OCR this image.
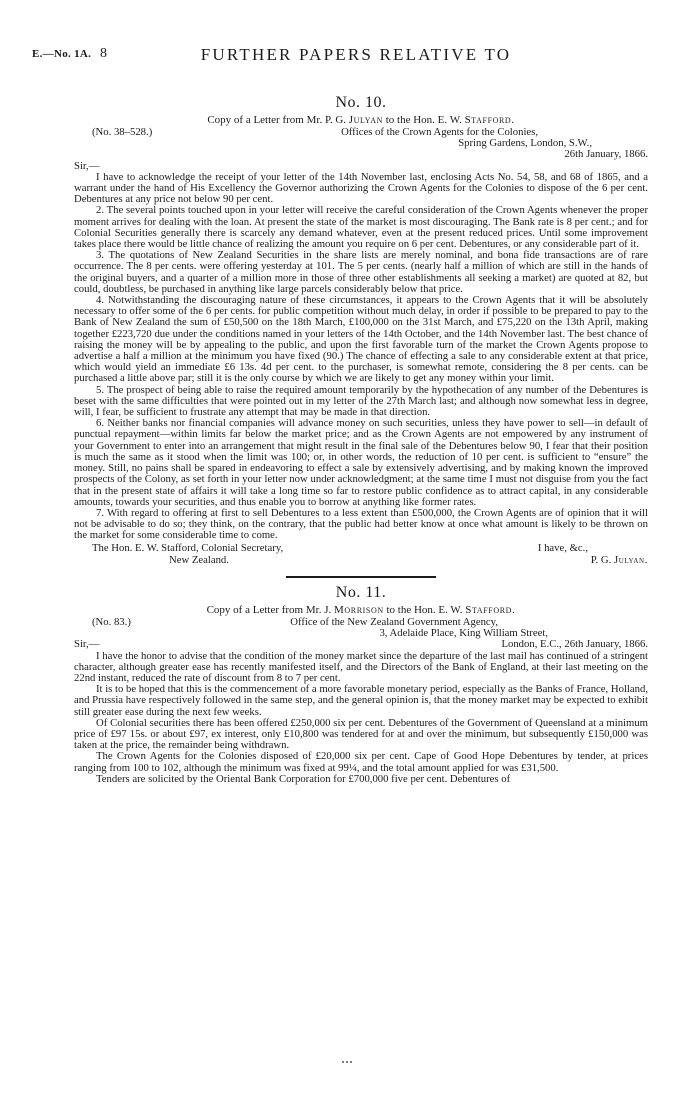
E.—No. 1A. 8	FURTHER PAPERS RELATIVE TO
No. 10.
Copy of a Letter from Mr. P. G. Julyan to the Hon. E. W. Stafford.
(No. 38–528.)	Offices of the Crown Agents for the Colonies,
Spring Gardens, London, S.W.,
26th January, 1866.
Sir,—

I have to acknowledge the receipt of your letter of the 14th November last, enclosing Acts No. 54, 58, and 68 of 1865, and a warrant under the hand of His Excellency the Governor authorizing the Crown Agents for the Colonies to dispose of the 6 per cent. Debentures at any price not below 90 per cent.

2. The several points touched upon in your letter will receive the careful consideration of the Crown Agents whenever the proper moment arrives for dealing with the loan. At present the state of the market is most discouraging. The Bank rate is 8 per cent.; and for Colonial Securities generally there is scarcely any demand whatever, even at the present reduced prices. Until some improvement takes place there would be little chance of realizing the amount you require on 6 per cent. Debentures, or any considerable part of it.

3. The quotations of New Zealand Securities in the share lists are merely nominal, and bona fide transactions are of rare occurrence. The 8 per cents. were offering yesterday at 101. The 5 per cents. (nearly half a million of which are still in the hands of the original buyers, and a quarter of a million more in those of three other establishments all seeking a market) are quoted at 82, but could, doubtless, be purchased in anything like large parcels considerably below that price.

4. Notwithstanding the discouraging nature of these circumstances, it appears to the Crown Agents that it will be absolutely necessary to offer some of the 6 per cents. for public competition without much delay, in order if possible to be prepared to pay to the Bank of New Zealand the sum of £50,500 on the 18th March, £100,000 on the 31st March, and £75,220 on the 13th April, making together £223,720 due under the conditions named in your letters of the 14th October, and the 14th November last. The best chance of raising the money will be by appealing to the public, and upon the first favorable turn of the market the Crown Agents propose to advertise a half a million at the minimum you have fixed (90.) The chance of effecting a sale to any considerable extent at that price, which would yield an immediate £6 13s. 4d per cent. to the purchaser, is somewhat remote, considering the 8 per cents. can be purchased a little above par; still it is the only course by which we are likely to get any money within your limit.

5. The prospect of being able to raise the required amount temporarily by the hypothecation of any number of the Debentures is beset with the same difficulties that were pointed out in my letter of the 27th March last; and although now somewhat less in degree, will, I fear, be sufficient to frustrate any attempt that may be made in that direction.

6. Neither banks nor financial companies will advance money on such securities, unless they have power to sell—in default of punctual repayment—within limits far below the market price; and as the Crown Agents are not empowered by any instrument of your Government to enter into an arrangement that might result in the final sale of the Debentures below 90, I fear that their position is much the same as it stood when the limit was 100; or, in other words, the reduction of 10 per cent. is sufficient to “ensure” the money. Still, no pains shall be spared in endeavoring to effect a sale by extensively advertising, and by making known the improved prospects of the Colony, as set forth in your letter now under acknowledgment; at the same time I must not disguise from you the fact that in the present state of affairs it will take a long time so far to restore public confidence as to attract capital, in any considerable amounts, towards your securities, and thus enable you to borrow at anything like former rates.

7. With regard to offering at first to sell Debentures to a less extent than £500,000, the Crown Agents are of opinion that it will not be advisable to do so; they think, on the contrary, that the public had better know at once what amount is likely to be thrown on the market for some considerable time to come.

The Hon. E. W. Stafford, Colonial Secretary,	I have, &c.,
New Zealand.	P. G. Julyan.
No. 11.
Copy of a Letter from Mr. J. Morrison to the Hon. E. W. Stafford.
(No. 83.)	Office of the New Zealand Government Agency,
3, Adelaide Place, King William Street,
Sir,—	London, E.C., 26th January, 1866.

I have the honor to advise that the condition of the money market since the departure of the last mail has continued of a stringent character, although greater ease has recently manifested itself, and the Directors of the Bank of England, at their last meeting on the 22nd instant, reduced the rate of discount from 8 to 7 per cent.

It is to be hoped that this is the commencement of a more favorable monetary period, especially as the Banks of France, Holland, and Prussia have respectively followed in the same step, and the general opinion is, that the money market may be expected to exhibit still greater ease during the next few weeks.

Of Colonial securities there has been offered £250,000 six per cent. Debentures of the Government of Queensland at a minimum price of £97 15s. or about £97, ex interest, only £10,800 was tendered for at and over the minimum, but subsequently £150,000 was taken at the price, the remainder being withdrawn.

The Crown Agents for the Colonies disposed of £20,000 six per cent. Cape of Good Hope Debentures by tender, at prices ranging from 100 to 102, although the minimum was fixed at 99¼, and the total amount applied for was £31,500.

Tenders are solicited by the Oriental Bank Corporation for £700,000 five per cent. Debentures of
